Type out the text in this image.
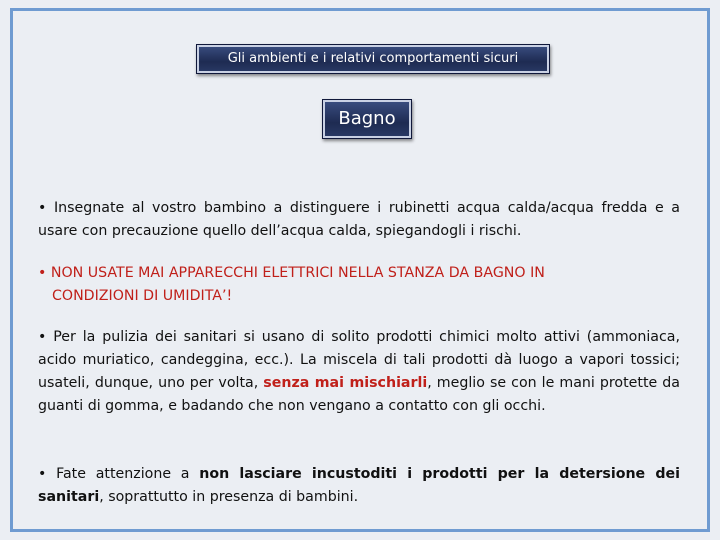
Gli ambienti e i relativi comportamenti sicuri
Bagno
• Insegnate al vostro bambino a distinguere i rubinetti acqua calda/acqua fredda e a usare con precauzione quello dell’acqua calda, spiegandogli i rischi.
• NON USATE MAI APPARECCHI ELETTRICI NELLA STANZA DA BAGNO IN
CONDIZIONI DI UMIDITA’!
• Per la pulizia dei sanitari si usano di solito prodotti chimici molto attivi (ammoniaca, acido muriatico, candeggina, ecc.). La miscela di tali prodotti dà luogo a vapori tossici; usateli, dunque, uno per volta, senza mai mischiarli, meglio se con le mani protette da guanti di gomma, e badando che non vengano a contatto con gli occhi.
• Fate attenzione a non lasciare incustoditi i prodotti per la detersione dei sanitari, soprattutto in presenza di bambini.
